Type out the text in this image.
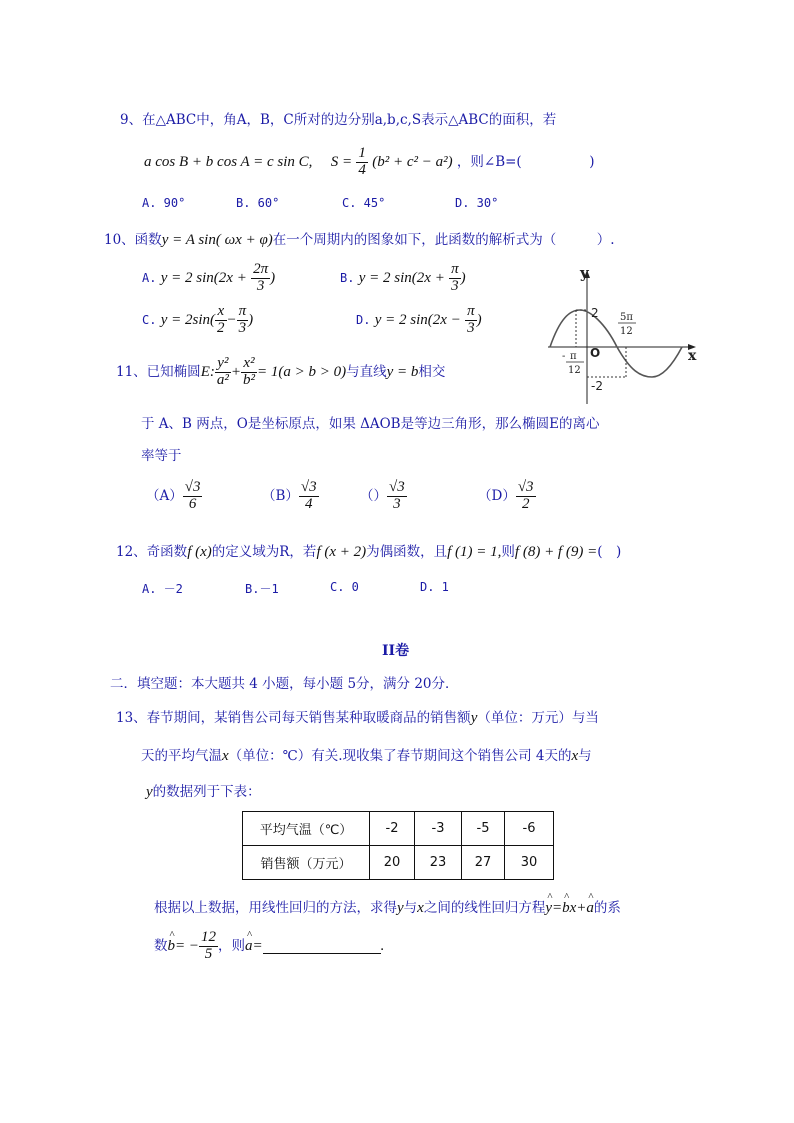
9、在△ABC中，角A，B，C所对的边分别a,b,c,S表示△ABC的面积，若
a cos B + b cos A = c sin C, $S = \frac{1}{4} (b^2 + c^2 - a^2)$ ，则∠B=(　　　　　)
A. 90°	B. 60°	C. 45°	D. 30°
10、函数y = A sin( ωx + φ)在一个周期内的图象如下，此函数的解析式为（　　　）.
A. y = 2 $\sin(2x + \frac{2\pi}{3}$ )	B. y = 2 $\sin(2x + \frac{\pi}{3}$ )
C. $y = 2\sin( \frac{x}{2} - \frac{\pi}{3}$ )	D. y = 2 $\sin(2x - \frac{\pi}{3}$ )
y
x
O
2
-2
- π
12
5π
12
11、已知椭圆E: $\frac{\text{y²}}{\text{a²}} + \frac{\text{x²}}{\text{b²}} = 1(a > b > 0)$与直线y = b相交
于 A、B 两点，O是坐标原点，如果 ΔAOB是等边三角形，那么椭圆E的离心
率等于
$(A) \frac{√3}{6}$	$(B) \frac{√3}{4}$	（） $\frac{√3}{3}$	$(D) \frac{√3}{2}$
12、奇函数f (x)的定义域为R，若f (x + 2)为偶函数，且f (1) = 1,则f (8) + f (9) =(　)
A. －2	B.－1	C. 0	D. 1
II卷
二．填空题：本大题共 4 小题，每小题 5分，满分 20分．
13、春节期间，某销售公司每天销售某种取暖商品的销售额y（单位：万元）与当
天的平均气温x（单位：℃）有关.现收集了春节期间这个销售公司 4天的x与
y的数据列于下表：
平均气温（℃）	-2	-3	-5	-6
销售额（万元）	20	23	27	30
根据以上数据，用线性回归的方法，求得y与x之间的线性回归方程^ y=^ bx+^ a的系
数^ $b= - \frac{12}{5}$ ，则^ a=	.
